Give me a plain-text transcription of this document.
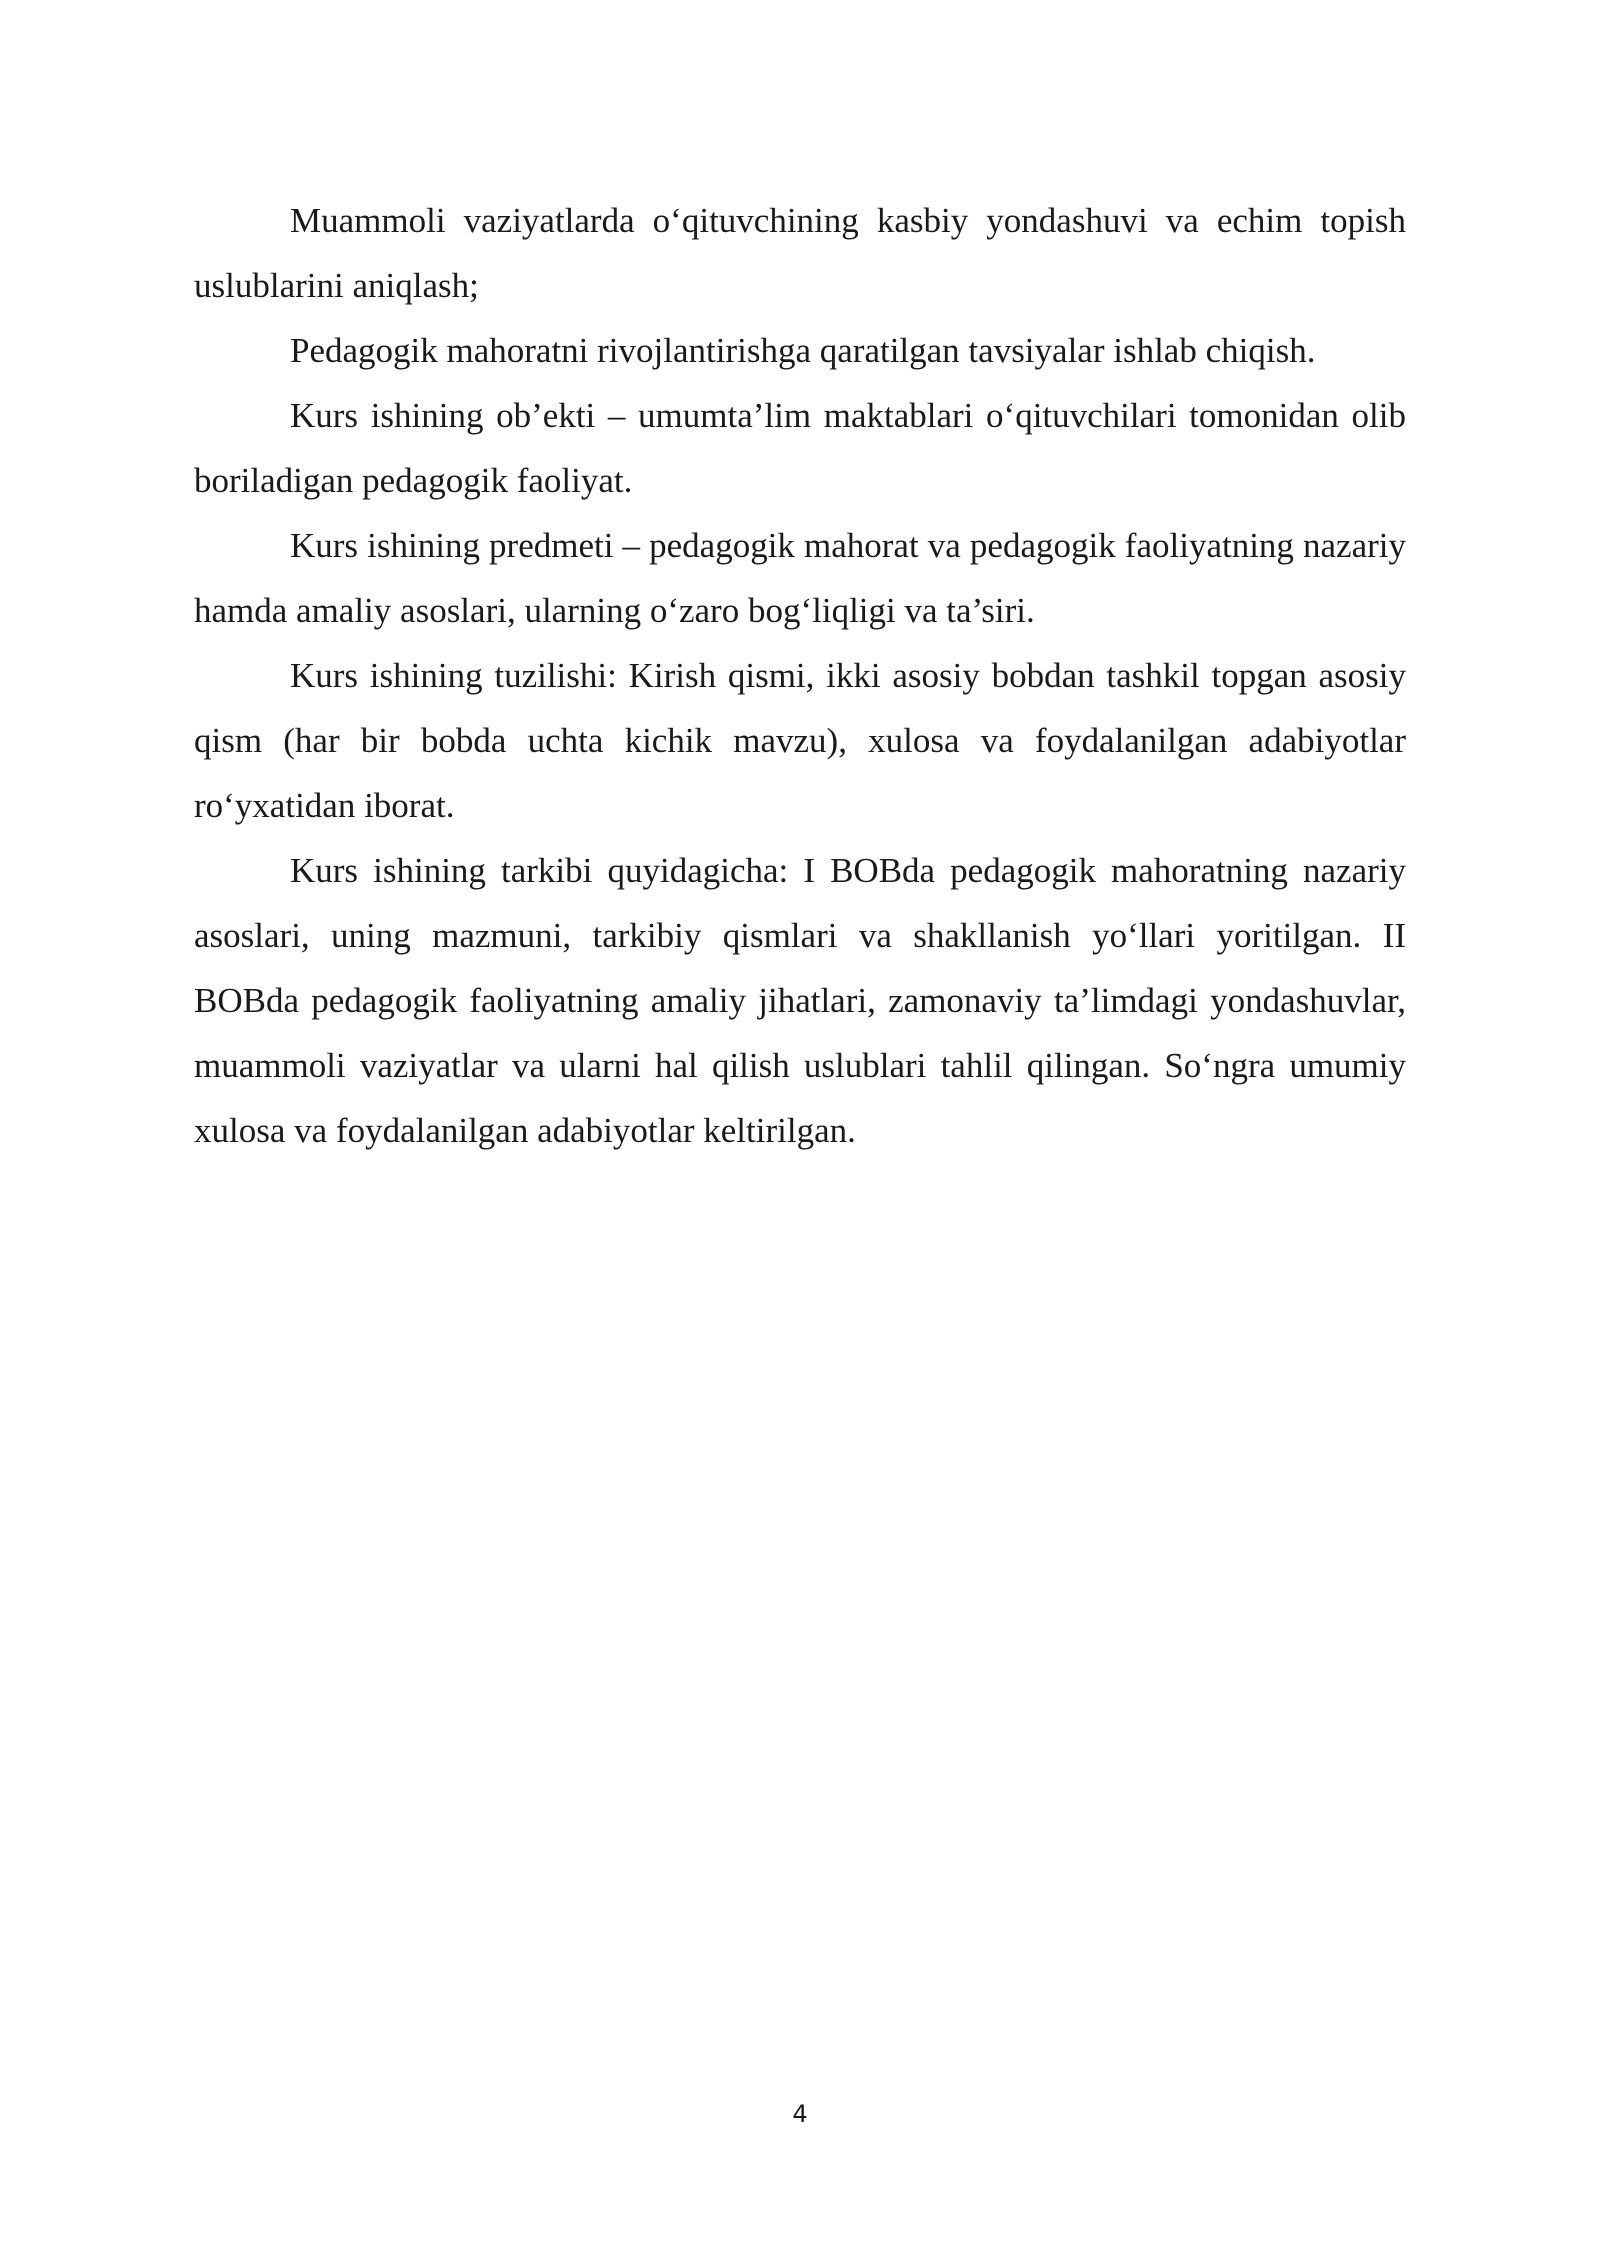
Muammoli vaziyatlarda o‘qituvchining kasbiy yondashuvi va echim topish uslublarini aniqlash;

Pedagogik mahoratni rivojlantirishga qaratilgan tavsiyalar ishlab chiqish.

Kurs ishining ob’ekti – umumta’lim maktablari o‘qituvchilari tomonidan olib boriladigan pedagogik faoliyat.

Kurs ishining predmeti – pedagogik mahorat va pedagogik faoliyatning nazariy hamda amaliy asoslari, ularning o‘zaro bog‘liqligi va ta’siri.

Kurs ishining tuzilishi: Kirish qismi, ikki asosiy bobdan tashkil topgan asosiy qism (har bir bobda uchta kichik mavzu), xulosa va foydalanilgan adabiyotlar ro‘yxatidan iborat.

Kurs ishining tarkibi quyidagicha: I BOBda pedagogik mahoratning nazariy asoslari, uning mazmuni, tarkibiy qismlari va shakllanish yo‘llari yoritilgan. II BOBda pedagogik faoliyatning amaliy jihatlari, zamonaviy ta’limdagi yondashuvlar, muammoli vaziyatlar va ularni hal qilish uslublari tahlil qilingan. So‘ngra umumiy xulosa va foydalanilgan adabiyotlar keltirilgan.

4
